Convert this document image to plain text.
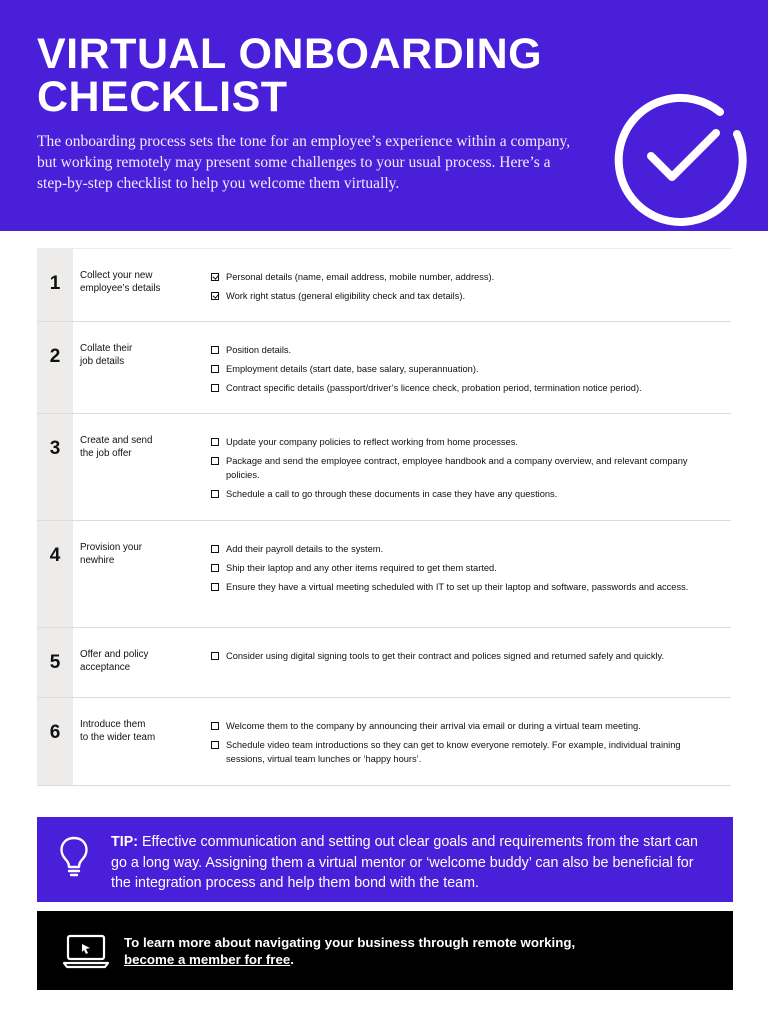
VIRTUAL ONBOARDING
CHECKLIST

The onboarding process sets the tone for an employee’s experience within a company, but working remotely may present some challenges to your usual process. Here’s a step-by-step checklist to help you welcome them virtually.

1	Collect your new
employee’s details
Personal details (name, email address, mobile number, address).
Work right status (general eligibility check and tax details).
2	Collate their
job details
Position details.
Employment details (start date, base salary, superannuation).
Contract specific details (passport/driver’s licence check, probation period, termination notice period).
3	Create and send
the job offer
Update your company policies to reflect working from home processes.
Package and send the employee contract, employee handbook and a company overview, and relevant company policies.
Schedule a call to go through these documents in case they have any questions.
4	Provision your
newhire
Add their payroll details to the system.
Ship their laptop and any other items required to get them started.
Ensure they have a virtual meeting scheduled with IT to set up their laptop and software, passwords and access.
5	Offer and policy
acceptance
Consider using digital signing tools to get their contract and polices signed and returned safely and quickly.
6	Introduce them
to the wider team
Welcome them to the company by announcing their arrival via email or during a virtual team meeting.
Schedule video team introductions so they can get to know everyone remotely. For example, individual training sessions, virtual team lunches or ‘happy hours’.

TIP: Effective communication and setting out clear goals and requirements from the start can go a long way. Assigning them a virtual mentor or ‘welcome buddy’ can also be beneficial for the integration process and help them bond with the team.

To learn more about navigating your business through remote working,
become a member for free.
